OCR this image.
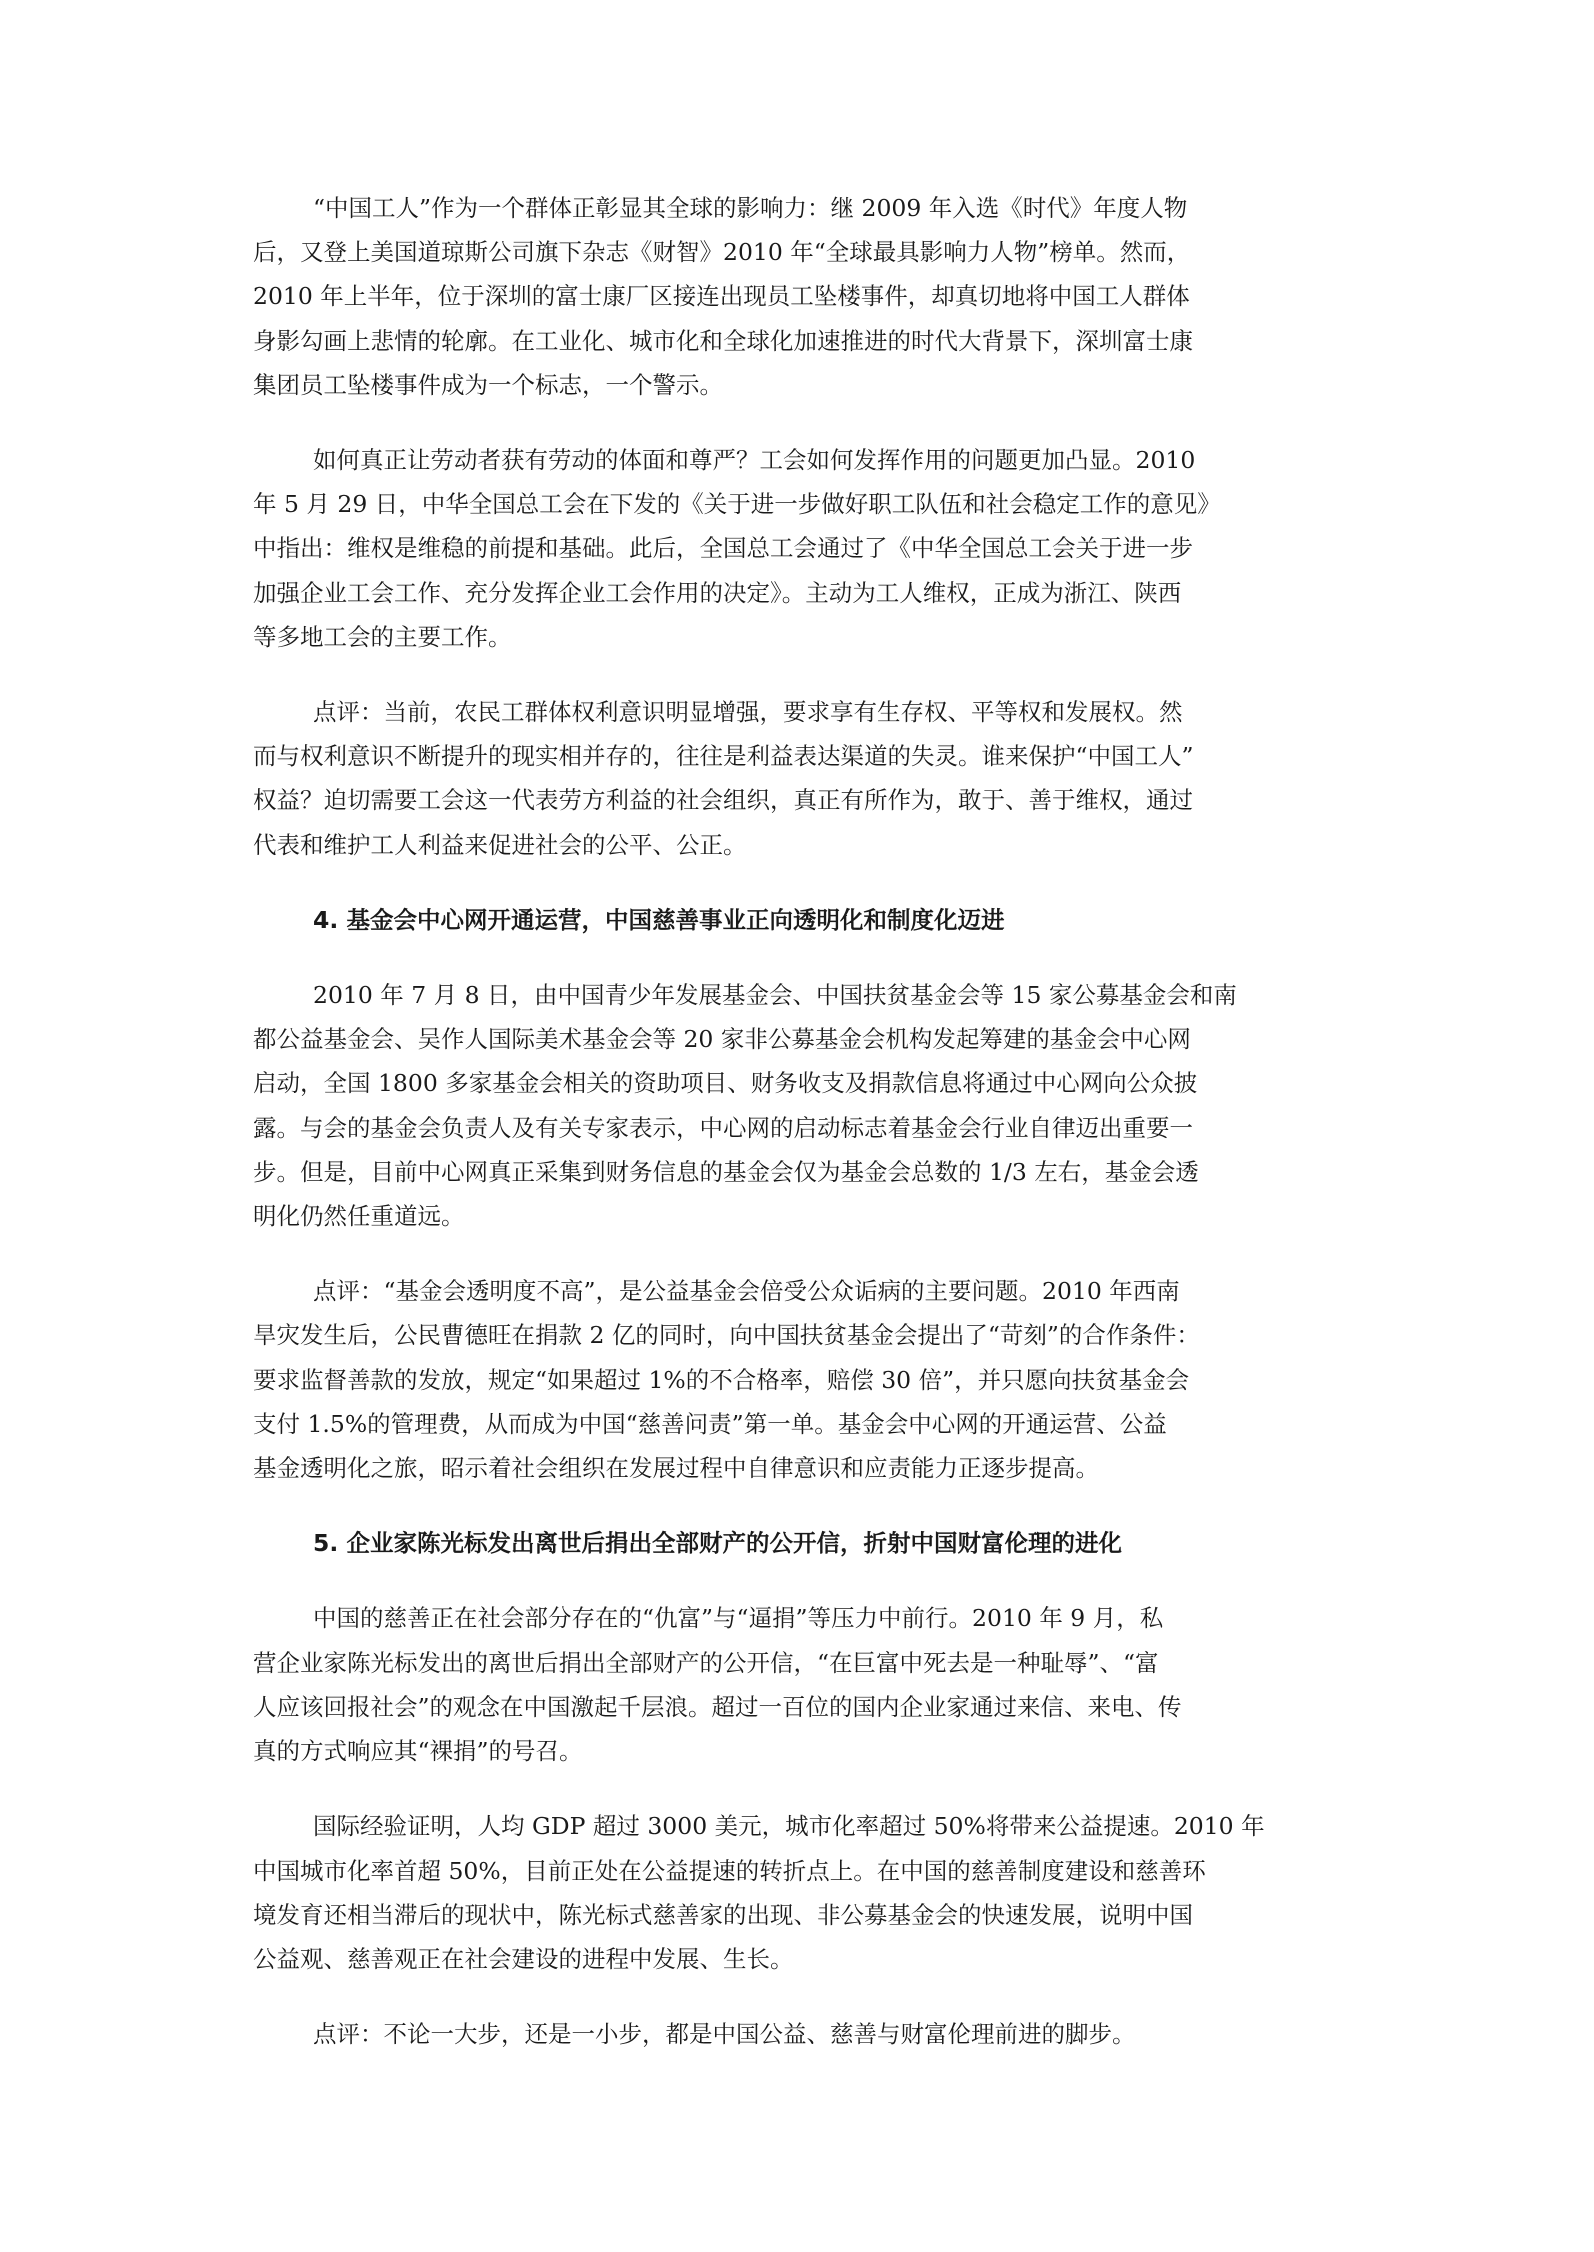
“中国工人”作为一个群体正彰显其全球的影响力：继 2009 年入选《时代》年度人物
后，又登上美国道琼斯公司旗下杂志《财智》2010 年“全球最具影响力人物”榜单。然而，
2010 年上半年，位于深圳的富士康厂区接连出现员工坠楼事件，却真切地将中国工人群体
身影勾画上悲情的轮廓。在工业化、城市化和全球化加速推进的时代大背景下，深圳富士康
集团员工坠楼事件成为一个标志，一个警示。
如何真正让劳动者获有劳动的体面和尊严？工会如何发挥作用的问题更加凸显。2010
年 5 月 29 日，中华全国总工会在下发的《关于进一步做好职工队伍和社会稳定工作的意见》
中指出：维权是维稳的前提和基础。此后，全国总工会通过了《中华全国总工会关于进一步
加强企业工会工作、充分发挥企业工会作用的决定》。主动为工人维权，正成为浙江、陕西
等多地工会的主要工作。
点评：当前，农民工群体权利意识明显增强，要求享有生存权、平等权和发展权。然
而与权利意识不断提升的现实相并存的，往往是利益表达渠道的失灵。谁来保护“中国工人”
权益？迫切需要工会这一代表劳方利益的社会组织，真正有所作为，敢于、善于维权，通过
代表和维护工人利益来促进社会的公平、公正。
4. 基金会中心网开通运营，中国慈善事业正向透明化和制度化迈进
2010 年 7 月 8 日，由中国青少年发展基金会、中国扶贫基金会等 15 家公募基金会和南
都公益基金会、吴作人国际美术基金会等 20 家非公募基金会机构发起筹建的基金会中心网
启动，全国 1800 多家基金会相关的资助项目、财务收支及捐款信息将通过中心网向公众披
露。与会的基金会负责人及有关专家表示，中心网的启动标志着基金会行业自律迈出重要一
步。但是，目前中心网真正采集到财务信息的基金会仅为基金会总数的 1/3 左右，基金会透
明化仍然任重道远。
点评：“基金会透明度不高”，是公益基金会倍受公众诟病的主要问题。2010 年西南
旱灾发生后，公民曹德旺在捐款 2 亿的同时，向中国扶贫基金会提出了“苛刻”的合作条件：
要求监督善款的发放，规定“如果超过 1%的不合格率，赔偿 30 倍”，并只愿向扶贫基金会
支付 1.5%的管理费，从而成为中国“慈善问责”第一单。基金会中心网的开通运营、公益
基金透明化之旅，昭示着社会组织在发展过程中自律意识和应责能力正逐步提高。
5. 企业家陈光标发出离世后捐出全部财产的公开信，折射中国财富伦理的进化
中国的慈善正在社会部分存在的“仇富”与“逼捐”等压力中前行。2010 年 9 月，私
营企业家陈光标发出的离世后捐出全部财产的公开信，“在巨富中死去是一种耻辱”、“富
人应该回报社会”的观念在中国激起千层浪。超过一百位的国内企业家通过来信、来电、传
真的方式响应其“裸捐”的号召。
国际经验证明，人均 GDP 超过 3000 美元，城市化率超过 50%将带来公益提速。2010 年
中国城市化率首超 50%，目前正处在公益提速的转折点上。在中国的慈善制度建设和慈善环
境发育还相当滞后的现状中，陈光标式慈善家的出现、非公募基金会的快速发展，说明中国
公益观、慈善观正在社会建设的进程中发展、生长。
点评：不论一大步，还是一小步，都是中国公益、慈善与财富伦理前进的脚步。
